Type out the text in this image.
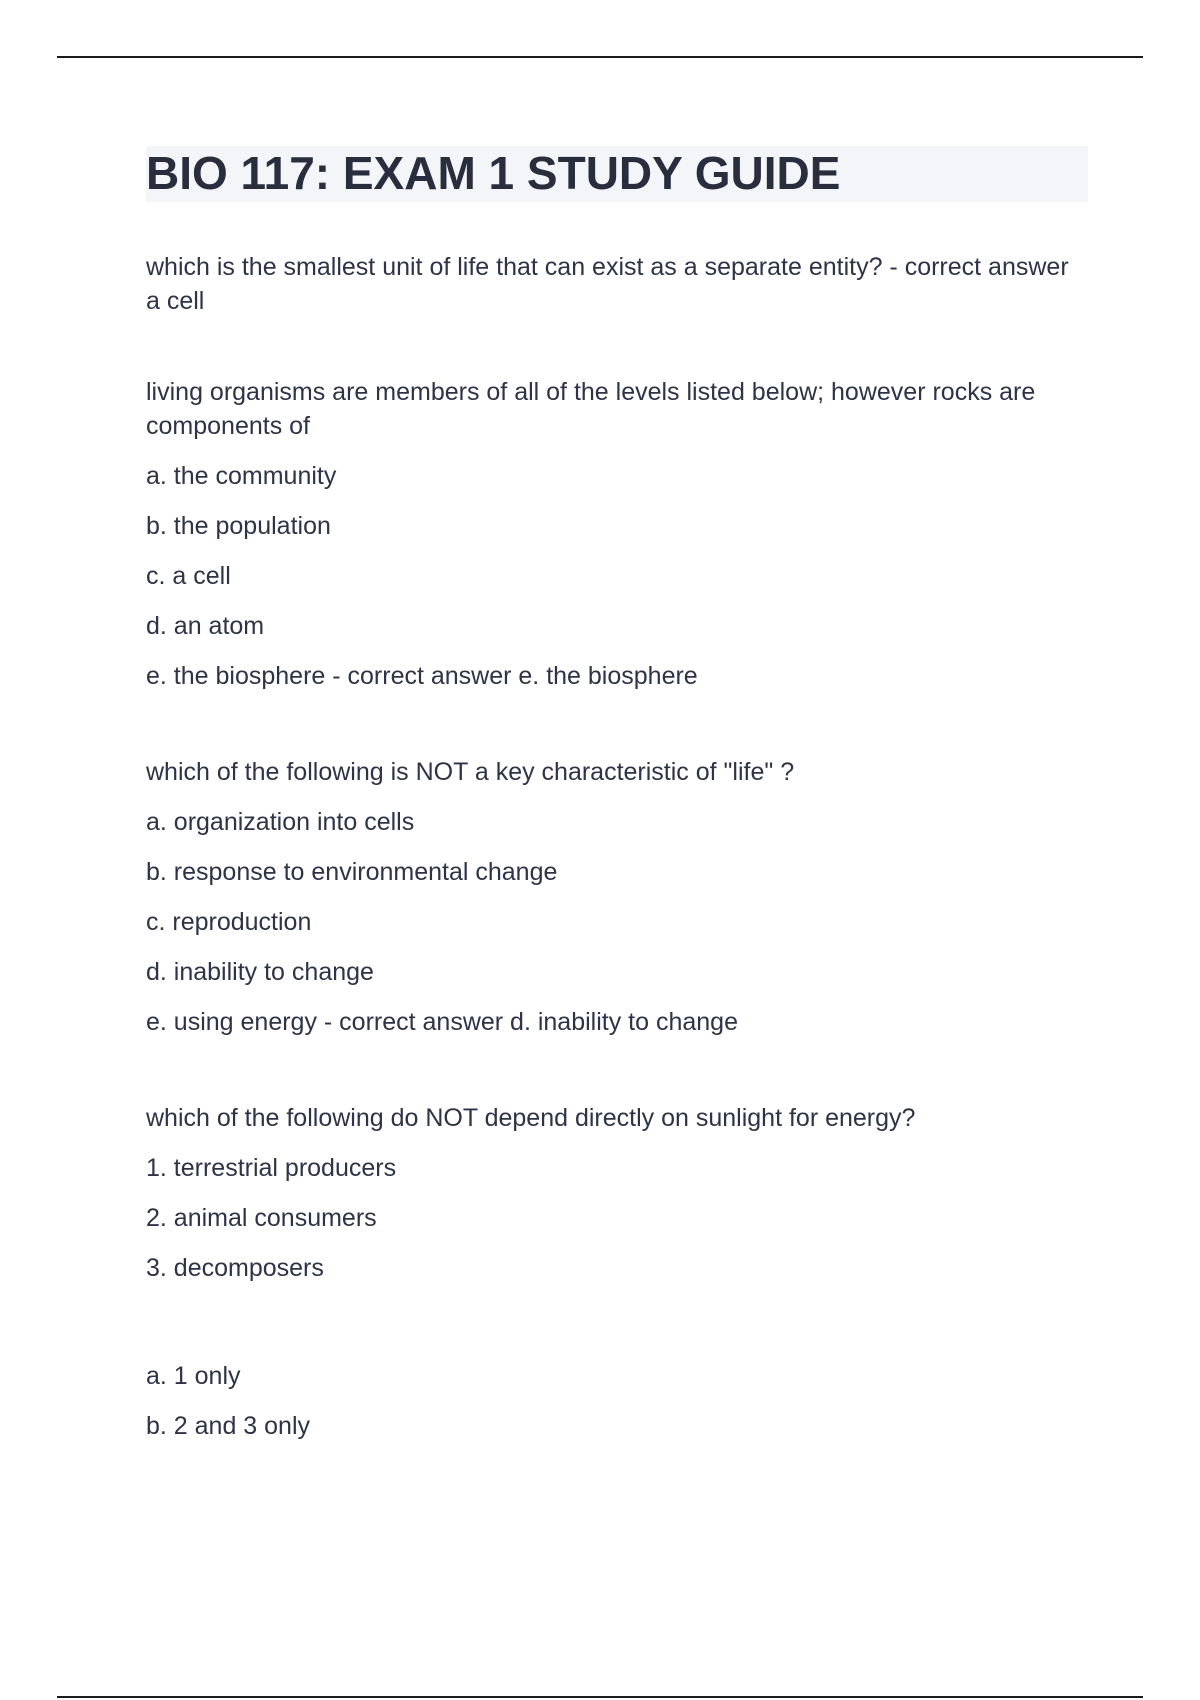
BIO 117: EXAM 1 STUDY GUIDE

which is the smallest unit of life that can exist as a separate entity? - correct answer a cell

living organisms are members of all of the levels listed below; however rocks are components of

a. the community

b. the population

c. a cell

d. an atom

e. the biosphere - correct answer e. the biosphere

which of the following is NOT a key characteristic of "life" ?

a. organization into cells

b. response to environmental change

c. reproduction

d. inability to change

e. using energy - correct answer d. inability to change

which of the following do NOT depend directly on sunlight for energy?

1. terrestrial producers

2. animal consumers

3. decomposers

a. 1 only

b. 2 and 3 only
